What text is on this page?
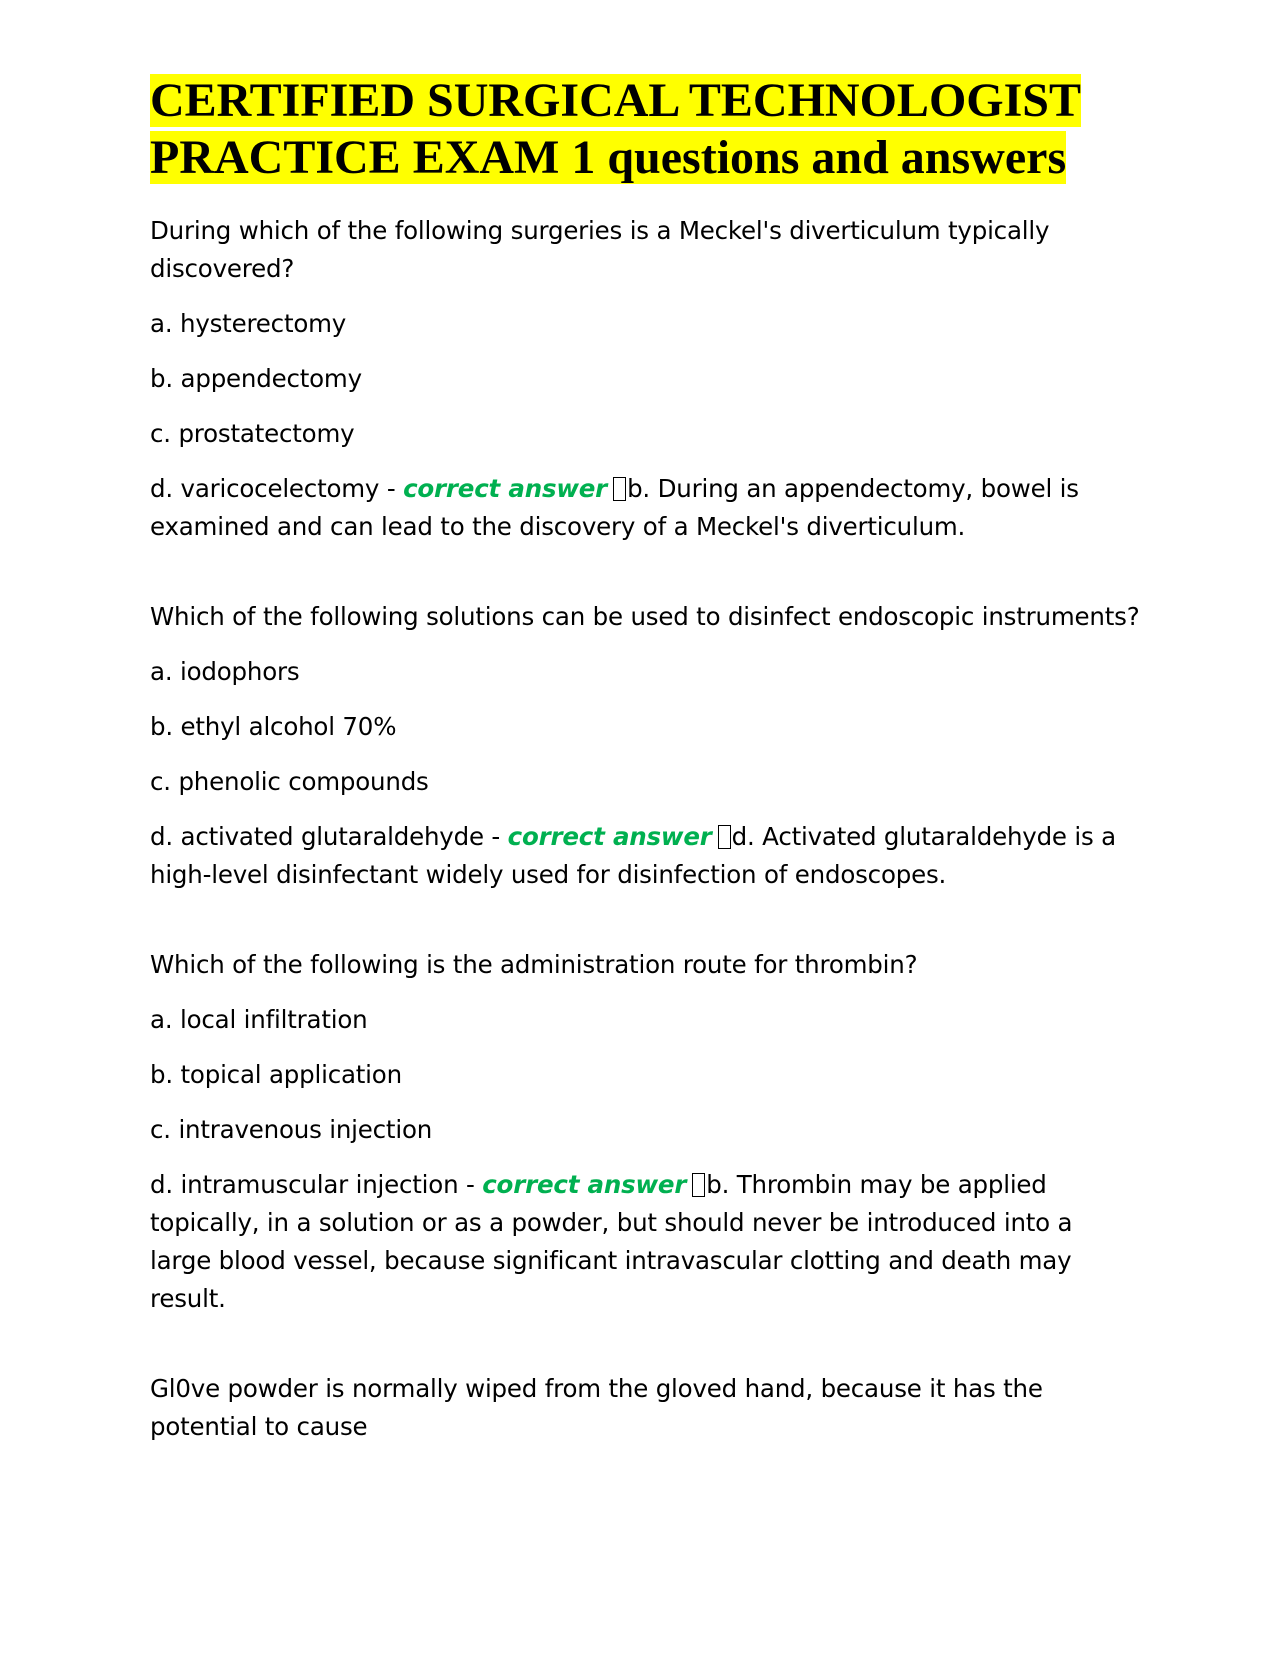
CERTIFIED SURGICAL TECHNOLOGIST
PRACTICE EXAM 1 questions and answers

During which of the following surgeries is a Meckel's diverticulum typically discovered?

a. hysterectomy

b. appendectomy

c. prostatectomy

d. varicocelectomy - correct answer b. During an appendectomy, bowel is examined and can lead to the discovery of a Meckel's diverticulum.

Which of the following solutions can be used to disinfect endoscopic instruments?

a. iodophors

b. ethyl alcohol 70%

c. phenolic compounds

d. activated glutaraldehyde - correct answer d. Activated glutaraldehyde is a high-level disinfectant widely used for disinfection of endoscopes.

Which of the following is the administration route for thrombin?

a. local infiltration

b. topical application

c. intravenous injection

d. intramuscular injection - correct answer b. Thrombin may be applied topically, in a solution or as a powder, but should never be introduced into a large blood vessel, because significant intravascular clotting and death may result.

Gl0ve powder is normally wiped from the gloved hand, because it has the potential to cause
